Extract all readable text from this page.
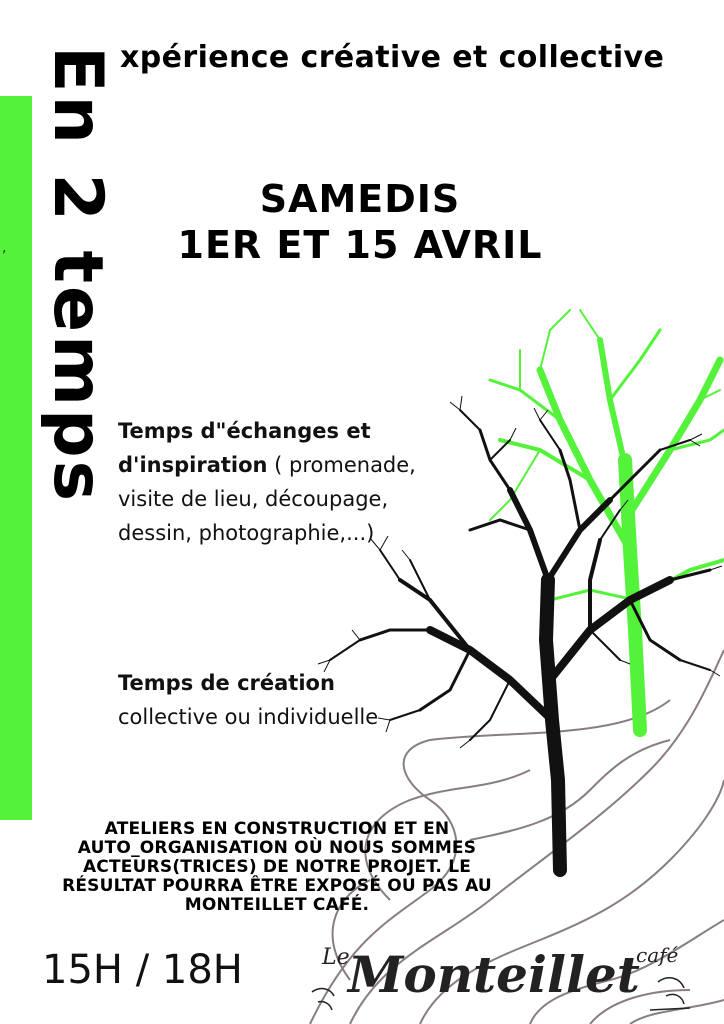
, En 2 temps xpérience créative et collective
SAMEDIS
1ER ET 15 AVRIL
Temps d"échanges et d'inspiration ( promenade, visite de lieu, découpage, dessin, photographie,...)
Temps de création
collective ou individuelle
ATELIERS EN CONSTRUCTION ET EN AUTO_ORGANISATION OÙ NOUS SOMMES ACTEURS(TRICES) DE NOTRE PROJET. LE RÉSULTAT POURRA ÊTRE EXPOSÉ OU PAS AU MONTEILLET CAFÉ.
15H / 18H	Le
Monteillet
café
